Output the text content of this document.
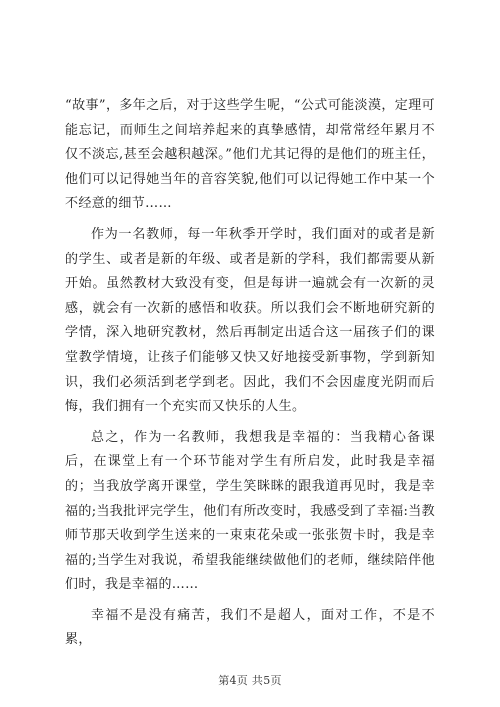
“故事”，多年之后，对于这些学生呢，“公式可能淡漠，定理可能忘记，而师生之间培养起来的真挚感情，却常常经年累月不仅不淡忘,甚至会越积越深。”他们尤其记得的是他们的班主任，他们可以记得她当年的音容笑貌,他们可以记得她工作中某一个不经意的细节……

作为一名教师，每一年秋季开学时，我们面对的或者是新的学生、或者是新的年级、或者是新的学科，我们都需要从新开始。虽然教材大致没有变，但是每讲一遍就会有一次新的灵感，就会有一次新的感悟和收获。所以我们会不断地研究新的学情，深入地研究教材，然后再制定出适合这一届孩子们的课堂教学情境，让孩子们能够又快又好地接受新事物，学到新知识，我们必须活到老学到老。因此，我们不会因虚度光阴而后悔，我们拥有一个充实而又快乐的人生。

总之，作为一名教师，我想我是幸福的：当我精心备课后，在课堂上有一个环节能对学生有所启发，此时我是幸福的；当我放学离开课堂，学生笑眯眯的跟我道再见时，我是幸福的;当我批评完学生，他们有所改变时，我感受到了幸福:当教师节那天收到学生送来的一束束花朵或一张张贺卡时，我是幸福的;当学生对我说，希望我能继续做他们的老师，继续陪伴他们时，我是幸福的……

幸福不是没有痛苦，我们不是超人，面对工作，不是不累，

第4页 共5页
